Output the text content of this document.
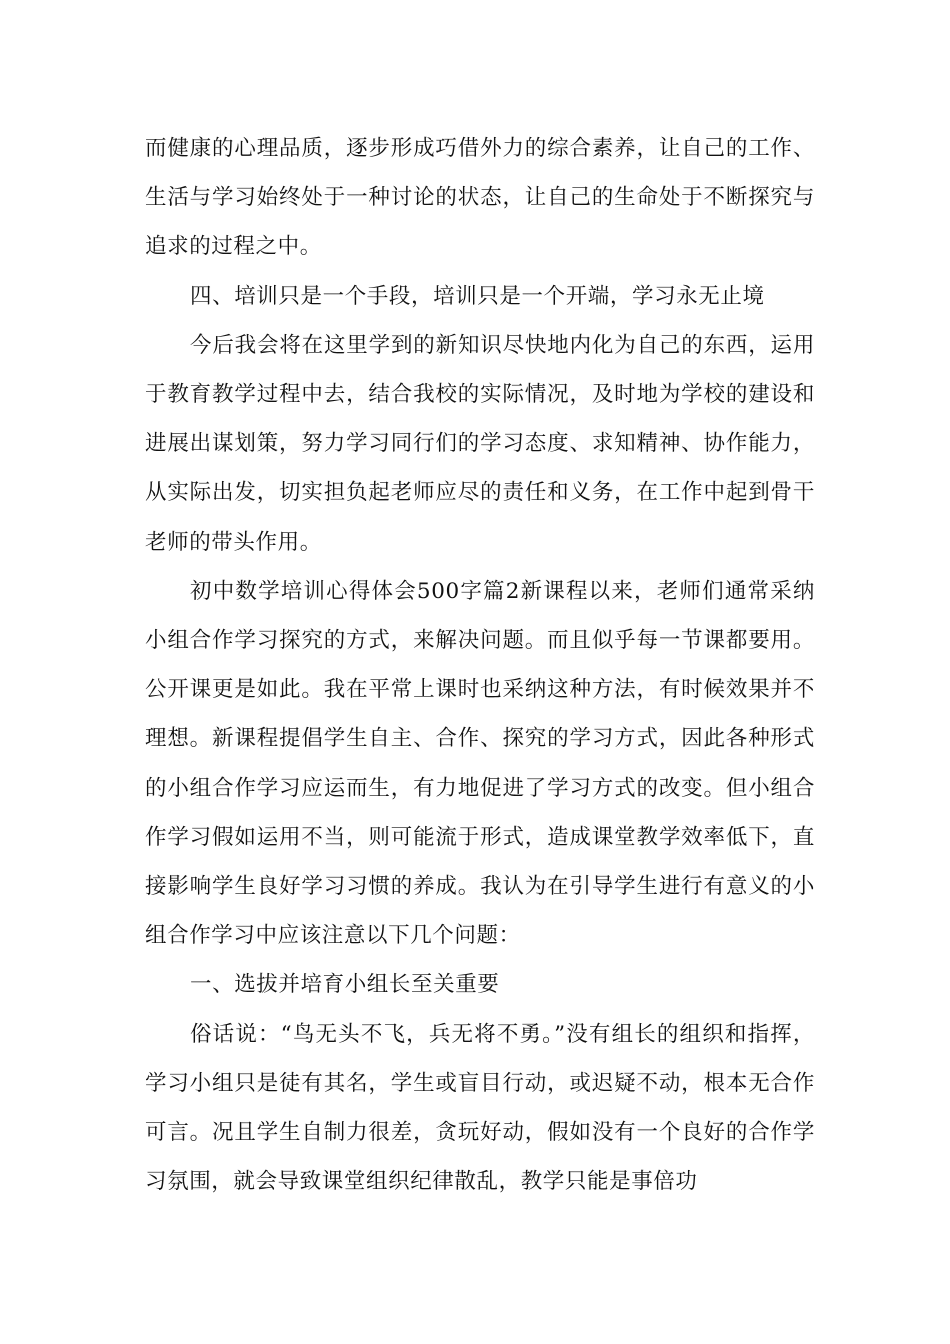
而健康的心理品质，逐步形成巧借外力的综合素养，让自己的工作、生活与学习始终处于一种讨论的状态，让自己的生命处于不断探究与追求的过程之中。

四、培训只是一个手段，培训只是一个开端，学习永无止境

今后我会将在这里学到的新知识尽快地内化为自己的东西，运用于教育教学过程中去，结合我校的实际情况，及时地为学校的建设和进展出谋划策，努力学习同行们的学习态度、求知精神、协作能力，从实际出发，切实担负起老师应尽的责任和义务，在工作中起到骨干老师的带头作用。

初中数学培训心得体会500字篇2新课程以来，老师们通常采纳小组合作学习探究的方式，来解决问题。而且似乎每一节课都要用。公开课更是如此。我在平常上课时也采纳这种方法，有时候效果并不理想。新课程提倡学生自主、合作、探究的学习方式，因此各种形式的小组合作学习应运而生，有力地促进了学习方式的改变。但小组合作学习假如运用不当，则可能流于形式，造成课堂教学效率低下，直接影响学生良好学习习惯的养成。我认为在引导学生进行有意义的小组合作学习中应该注意以下几个问题：

一、选拔并培育小组长至关重要

俗话说：“鸟无头不飞，兵无将不勇。”没有组长的组织和指挥，学习小组只是徒有其名，学生或盲目行动，或迟疑不动，根本无合作可言。况且学生自制力很差，贪玩好动，假如没有一个良好的合作学习氛围，就会导致课堂组织纪律散乱，教学只能是事倍功
